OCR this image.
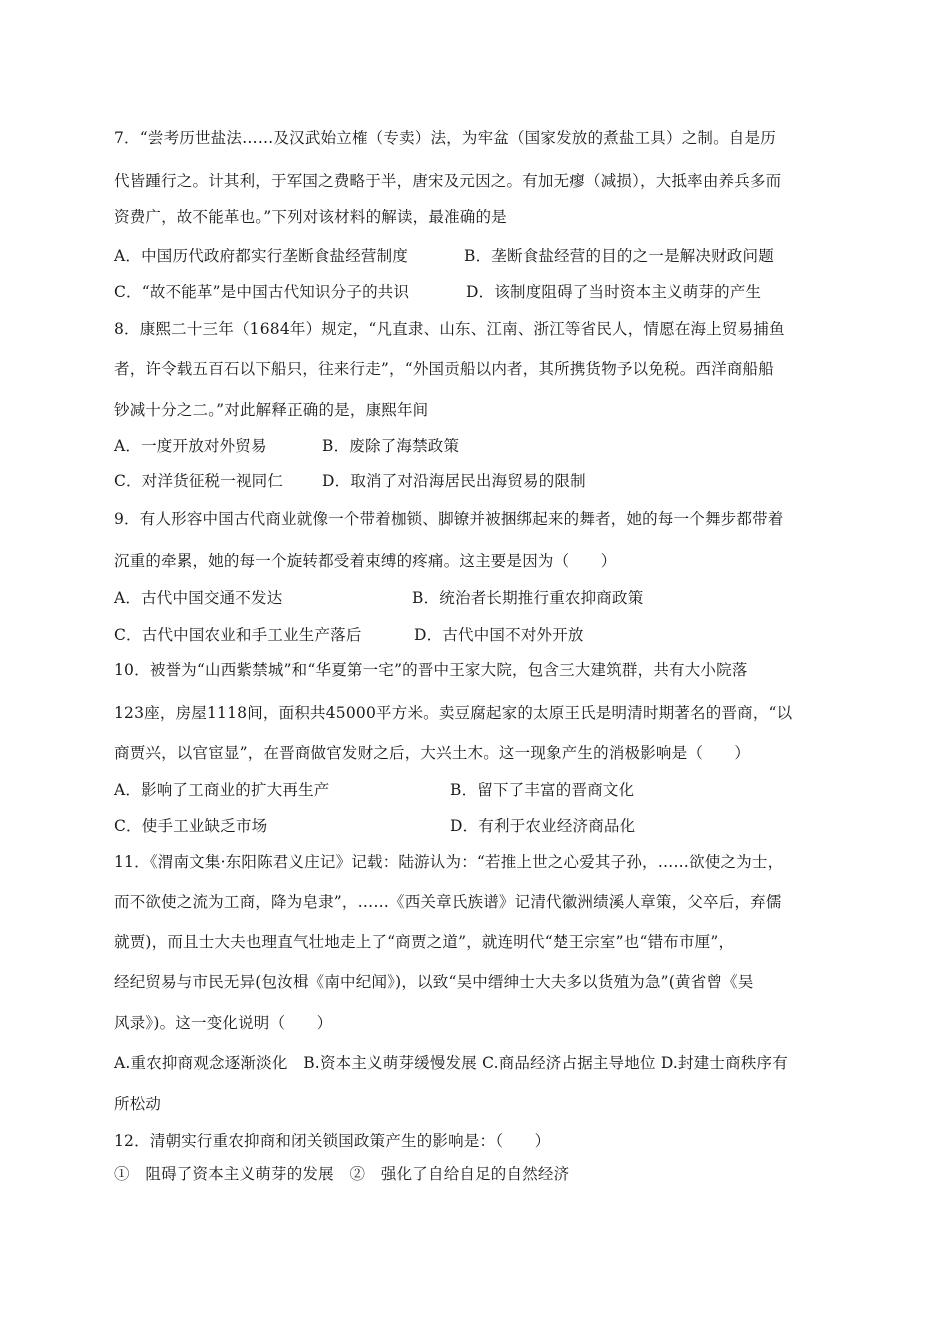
7．“尝考历世盐法……及汉武始立榷（专卖）法，为牢盆（国家发放的煮盐工具）之制。自是历
代皆踵行之。计其利，于军国之费略于半，唐宋及元因之。有加无瘳（减损），大抵率由养兵多而
资费广，故不能革也。”下列对该材料的解读，最准确的是
A．中国历代政府都实行垄断食盐经营制度	B．垄断食盐经营的目的之一是解决财政问题
C．“故不能革”是中国古代知识分子的共识	D．该制度阻碍了当时资本主义萌芽的产生
8．康熙二十三年（1684年）规定，“凡直隶、山东、江南、浙江等省民人，情愿在海上贸易捕鱼
者，许令载五百石以下船只，往来行走”，“外国贡船以内者，其所携货物予以免税。西洋商船船
钞减十分之二。”对此解释正确的是，康熙年间
A．一度开放对外贸易	B．废除了海禁政策
C．对洋货征税一视同仁	D．取消了对沿海居民出海贸易的限制
9．有人形容中国古代商业就像一个带着枷锁、脚镣并被捆绑起来的舞者，她的每一个舞步都带着
沉重的牵累，她的每一个旋转都受着束缚的疼痛。这主要是因为（　　）
A．古代中国交通不发达	B．统治者长期推行重农抑商政策
C．古代中国农业和手工业生产落后	D．古代中国不对外开放
10．被誉为“山西紫禁城”和“华夏第一宅”的晋中王家大院，包含三大建筑群，共有大小院落
123座，房屋1118间，面积共45000平方米。卖豆腐起家的太原王氏是明清时期著名的晋商，“以
商贾兴，以官宦显”，在晋商做官发财之后，大兴土木。这一现象产生的消极影响是（　　）
A．影响了工商业的扩大再生产	B．留下了丰富的晋商文化
C．使手工业缺乏市场	D．有利于农业经济商品化
11．《渭南文集·东阳陈君义庄记》记载：陆游认为：“若推上世之心爱其子孙，……欲使之为士，
而不欲使之流为工商，降为皂隶”，……《西关章氏族谱》记清代徽洲绩溪人章策，父卒后，弃儒
就贾)，而且士大夫也理直气壮地走上了“商贾之道”，就连明代“楚王宗室”也“错布市厘”，
经纪贸易与市民无异(包汝楫《南中纪闻》)，以致“吴中缙绅士大夫多以货殖为急”(黄省曾《吴
风录》)。这一变化说明（　　）
A.重农抑商观念逐渐淡化　B.资本主义萌芽缓慢发展 C.商品经济占据主导地位 D.封建士商秩序有
所松动
12．清朝实行重农抑商和闭关锁国政策产生的影响是：（　　）
①　阻碍了资本主义萌芽的发展　②　强化了自给自足的自然经济
